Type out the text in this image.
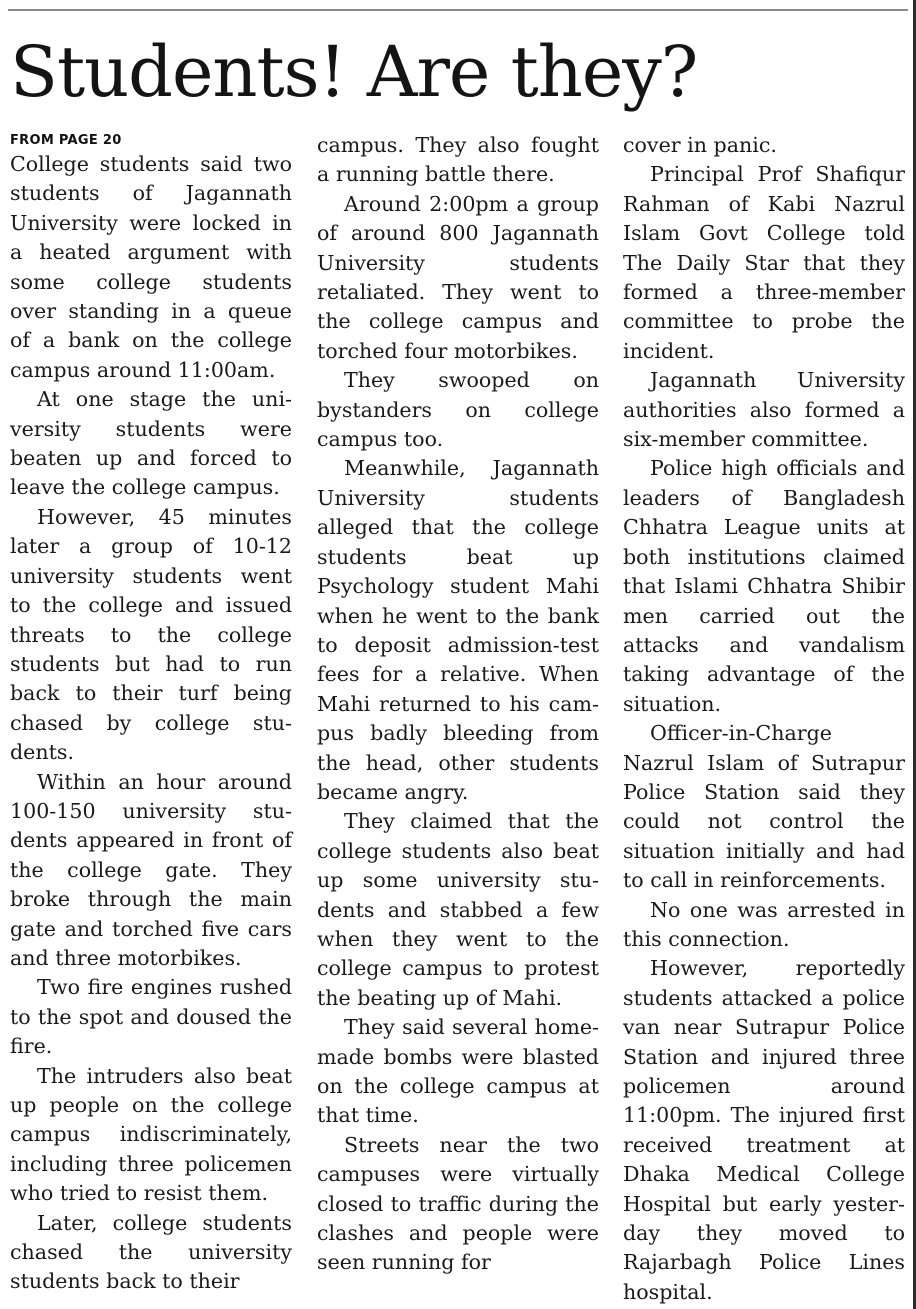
Students! Are they?
FROM PAGE 20

College students said two students of Jagannath University were locked in a heated argument with some college students over standing in a queue of a bank on the college campus around 11:00am.

At one stage the university students were beaten up and forced to leave the college campus.

However, 45 minutes later a group of 10-12 university students went to the college and issued threats to the college students but had to run back to their turf being chased by college students.

Within an hour around 100-150 university students appeared in front of the college gate. They broke through the main gate and torched five cars and three motorbikes.

Two fire engines rushed to the spot and doused the fire.

The intruders also beat up people on the college campus indiscriminately, including three policemen who tried to resist them.

Later, college students chased the university students back to their

campus. They also fought a running battle there.

Around 2:00pm a group of around 800 Jagannath University students retaliated. They went to the college campus and torched four motorbikes.

They swooped on bystanders on college campus too.

Meanwhile, Jagannath University students alleged that the college students beat up Psychology student Mahi when he went to the bank to deposit admission-test fees for a relative. When Mahi returned to his campus badly bleeding from the head, other students became angry.

They claimed that the college students also beat up some university students and stabbed a few when they went to the college campus to protest the beating up of Mahi.

They said several home-made bombs were blasted on the college campus at that time.

Streets near the two campuses were virtually closed to traffic during the clashes and people were seen running for

cover in panic.

Principal Prof Shafiqur Rahman of Kabi Nazrul Islam Govt College told The Daily Star that they formed a three-member committee to probe the incident.

Jagannath University authorities also formed a six-member committee.

Police high officials and leaders of Bangladesh Chhatra League units at both institutions claimed that Islami Chhatra Shibir men carried out the attacks and vandalism taking advantage of the situation.

Officer-in-Charge Nazrul Islam of Sutrapur Police Station said they could not control the situation initially and had to call in reinforcements.

No one was arrested in this connection.

However, reportedly students attacked a police van near Sutrapur Police Station and injured three policemen around 11:00pm. The injured first received treatment at Dhaka Medical College Hospital but early yesterday they moved to Rajarbagh Police Lines hospital.
